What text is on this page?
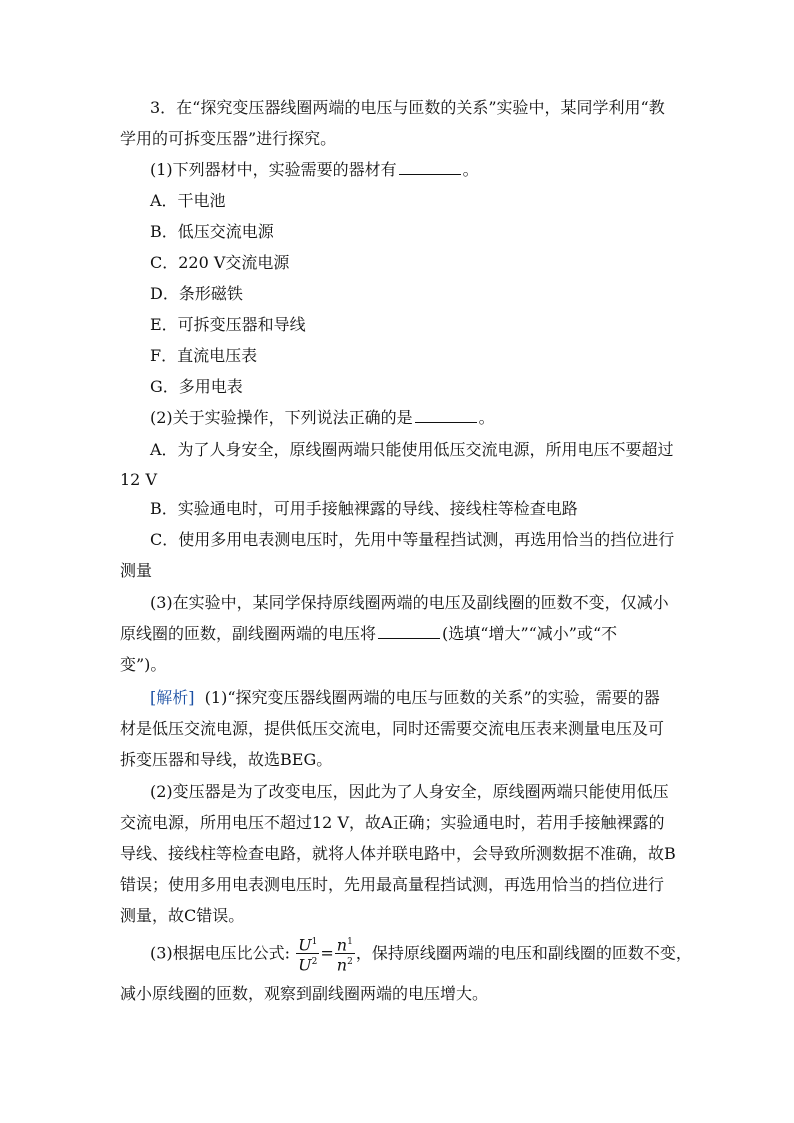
3．在“探究变压器线圈两端的电压与匝数的关系”实验中，某同学利用“教
学用的可拆变压器”进行探究。
(1)下列器材中，实验需要的器材有	。
A．干电池
B．低压交流电源
C．220 V交流电源
D．条形磁铁
E．可拆变压器和导线
F．直流电压表
G．多用电表
(2)关于实验操作，下列说法正确的是	。
A．为了人身安全，原线圈两端只能使用低压交流电源，所用电压不要超过
12 V
B．实验通电时，可用手接触裸露的导线、接线柱等检查电路
C．使用多用电表测电压时，先用中等量程挡试测，再选用恰当的挡位进行
测量
(3)在实验中，某同学保持原线圈两端的电压及副线圈的匝数不变，仅减小
原线圈的匝数，副线圈两端的电压将	(选填“增大”“减小”或“不
变”)。
[解析] (1)“探究变压器线圈两端的电压与匝数的关系”的实验，需要的器
材是低压交流电源，提供低压交流电，同时还需要交流电压表来测量电压及可
拆变压器和导线，故选BEG。
(2)变压器是为了改变电压，因此为了人身安全，原线圈两端只能使用低压
交流电源，所用电压不超过12 V，故A正确；实验通电时，若用手接触裸露的
导线、接线柱等检查电路，就将人体并联电路中，会导致所测数据不准确，故B
错误；使用多用电表测电压时，先用最高量程挡试测，再选用恰当的挡位进行
测量，故C错误。
(3)根据电压比公式: $\frac{U^1}{U^2} = \frac{n^1}{n^2}$ ，保持原线圈两端的电压和副线圈的匝数不变，
减小原线圈的匝数，观察到副线圈两端的电压增大。
